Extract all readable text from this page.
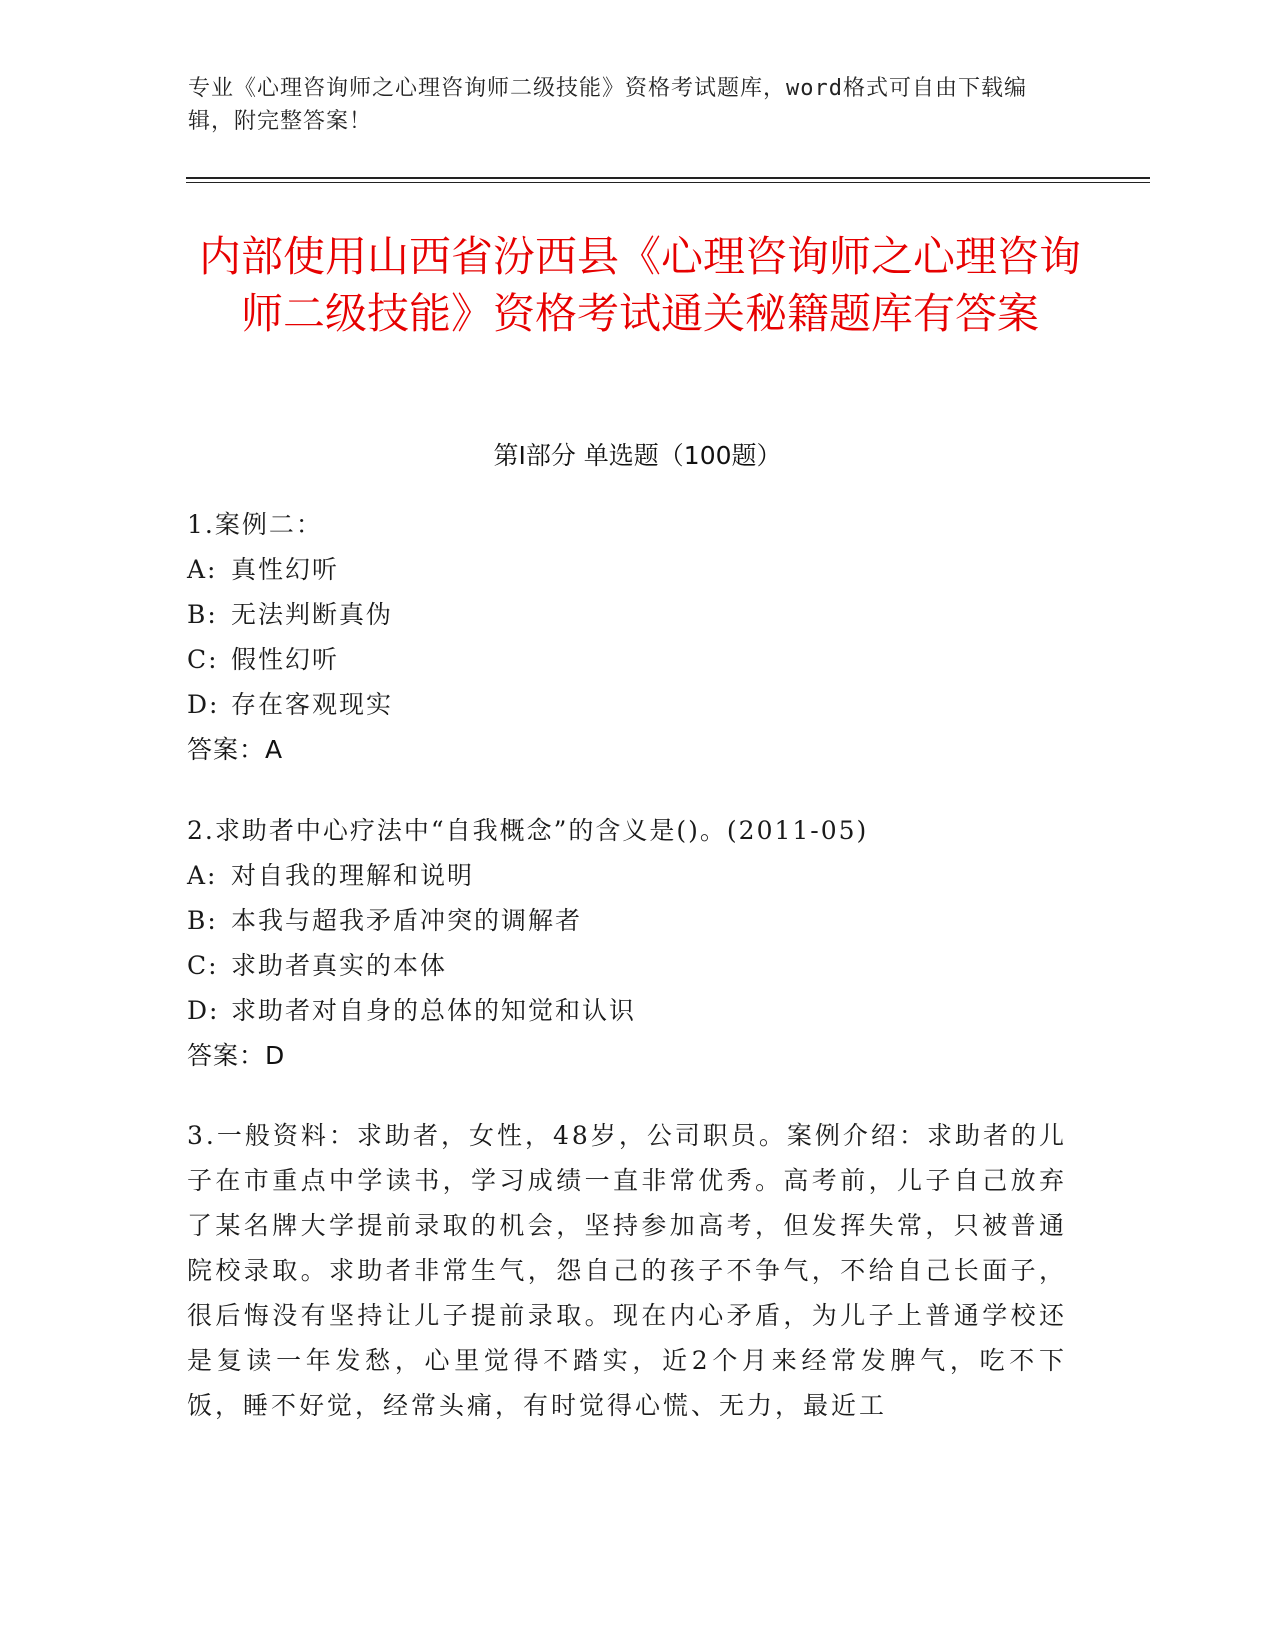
专业《心理咨询师之心理咨询师二级技能》资格考试题库，word格式可自由下载编辑，附完整答案！
内部使用山西省汾西县《心理咨询师之心理咨询师二级技能》资格考试通关秘籍题库有答案
第Ⅰ部分 单选题（100题）
1.案例二：
A: 真性幻听
B: 无法判断真伪
C: 假性幻听
D: 存在客观现实
答案：A
2.求助者中心疗法中“自我概念”的含义是()。(2011-05)
A: 对自我的理解和说明
B: 本我与超我矛盾冲突的调解者
C: 求助者真实的本体
D: 求助者对自身的总体的知觉和认识
答案：D
3.一般资料：求助者，女性，48岁，公司职员。案例介绍：求助者的儿子在市重点中学读书，学习成绩一直非常优秀。高考前，儿子自己放弃了某名牌大学提前录取的机会，坚持参加高考，但发挥失常，只被普通院校录取。求助者非常生气，怨自己的孩子不争气，不给自己长面子，很后悔没有坚持让儿子提前录取。现在内心矛盾，为儿子上普通学校还是复读一年发愁，心里觉得不踏实，近2个月来经常发脾气，吃不下饭，睡不好觉，经常头痛，有时觉得心慌、无力，最近工
